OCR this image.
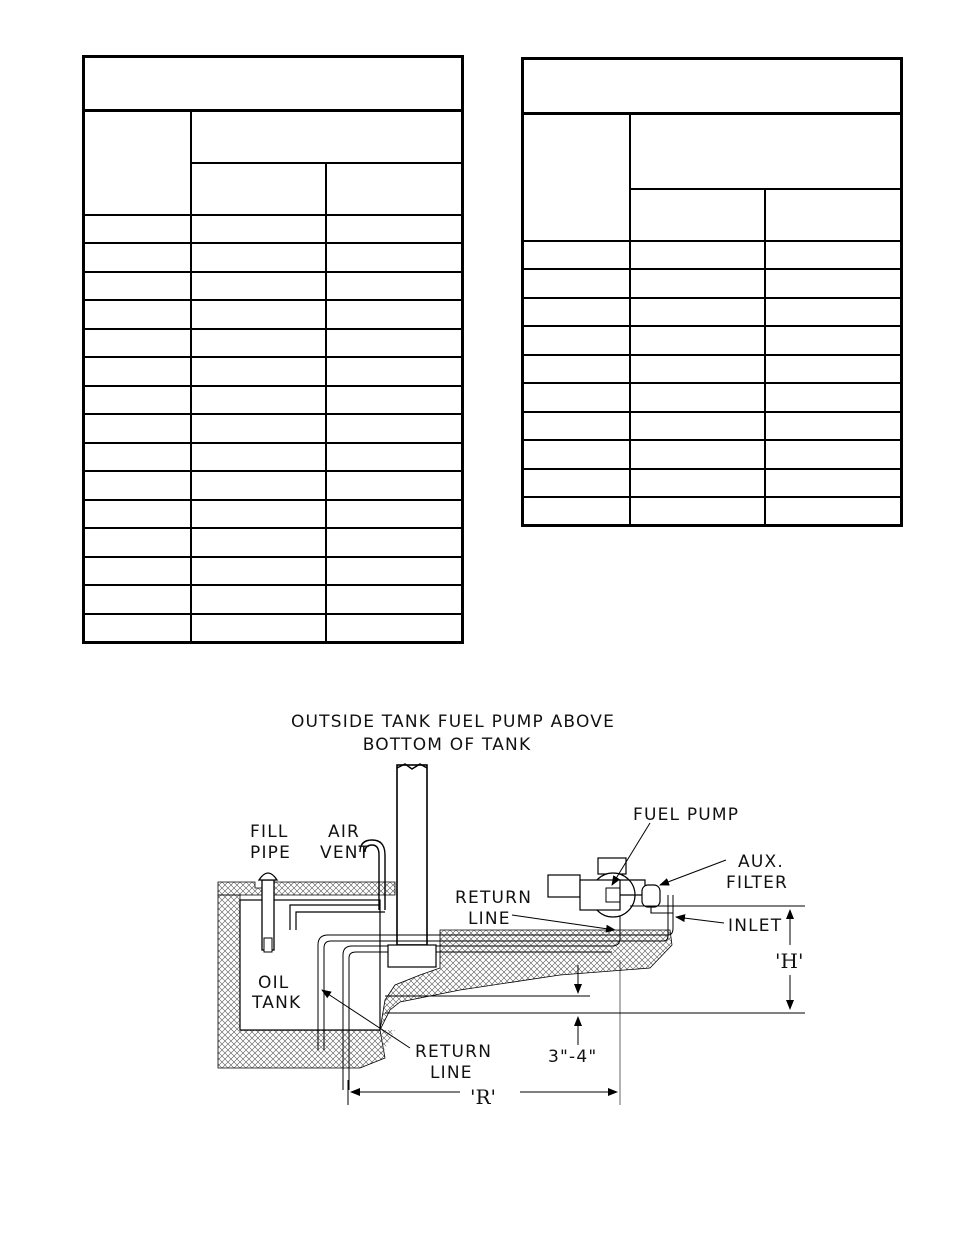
OUTSIDE TANK FUEL PUMP ABOVE
BOTTOM OF TANK
FILL
PIPE
AIR
VENT
FUEL PUMP
AUX.
FILTER
RETURN
LINE	INLET
OIL
TANK
RETURN
LINE
'H'
'R'
3"-4"
